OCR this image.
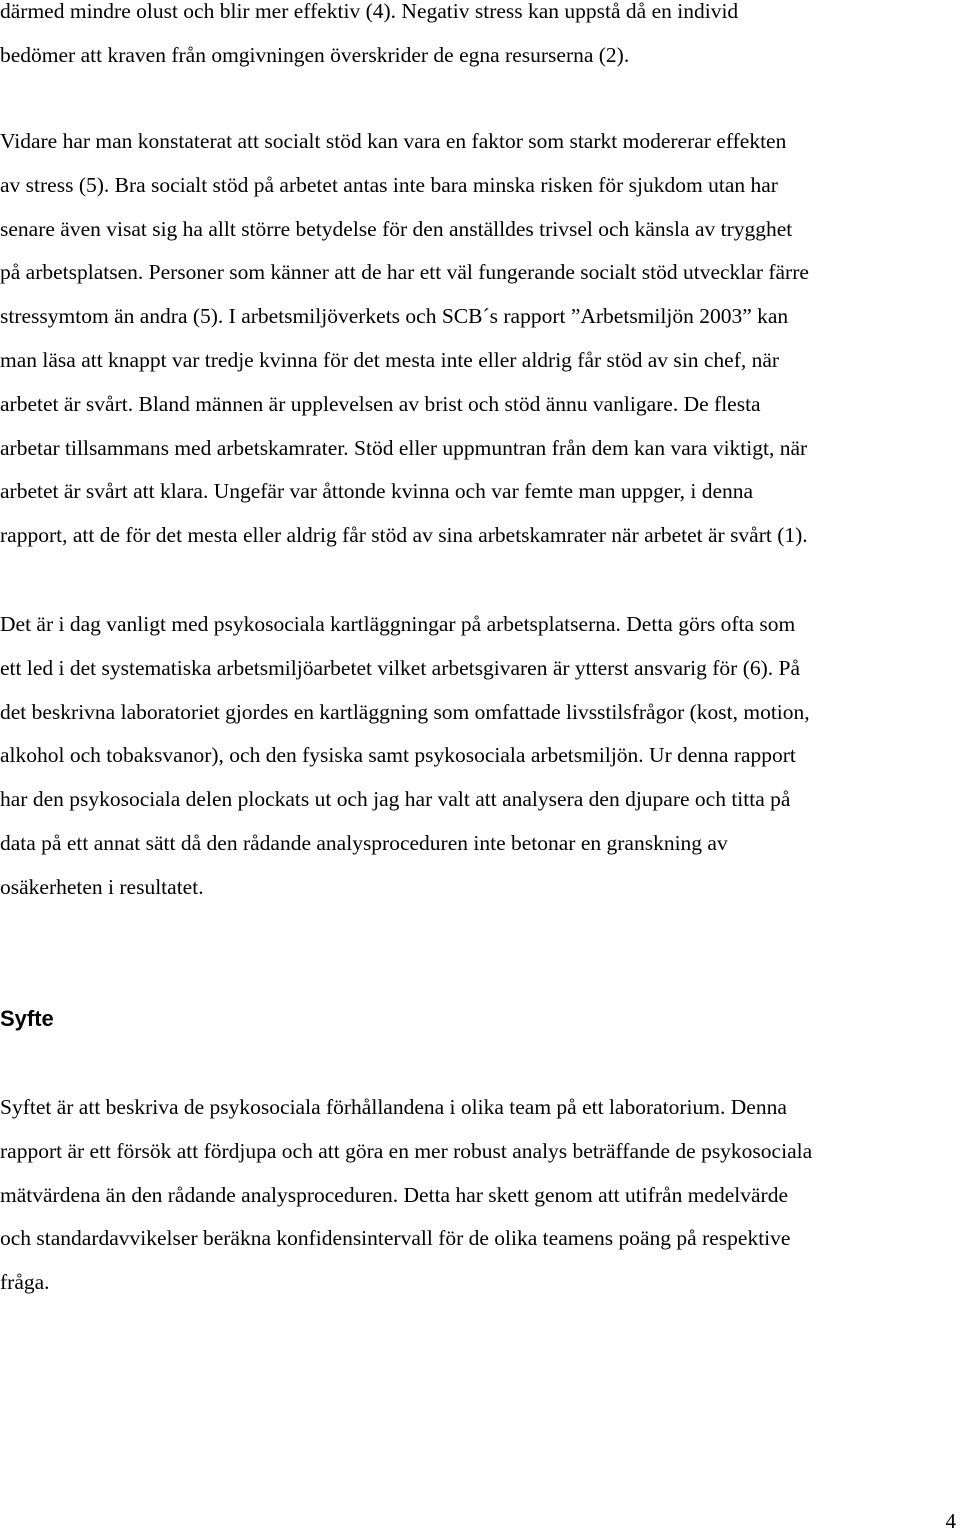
därmed mindre olust och blir mer effektiv (4). Negativ stress kan uppstå då en individ
bedömer att kraven från omgivningen överskrider de egna resurserna (2).

Vidare har man konstaterat att socialt stöd kan vara en faktor som starkt modererar effekten
av stress (5). Bra socialt stöd på arbetet antas inte bara minska risken för sjukdom utan har
senare även visat sig ha allt större betydelse för den anställdes trivsel och känsla av trygghet
på arbetsplatsen. Personer som känner att de har ett väl fungerande socialt stöd utvecklar färre
stressymtom än andra (5). I arbetsmiljöverkets och SCB´s rapport ”Arbetsmiljön 2003” kan
man läsa att knappt var tredje kvinna för det mesta inte eller aldrig får stöd av sin chef, när
arbetet är svårt. Bland männen är upplevelsen av brist och stöd ännu vanligare. De flesta
arbetar tillsammans med arbetskamrater. Stöd eller uppmuntran från dem kan vara viktigt, när
arbetet är svårt att klara. Ungefär var åttonde kvinna och var femte man uppger, i denna
rapport, att de för det mesta eller aldrig får stöd av sina arbetskamrater när arbetet är svårt (1).

Det är i dag vanligt med psykosociala kartläggningar på arbetsplatserna. Detta görs ofta som
ett led i det systematiska arbetsmiljöarbetet vilket arbetsgivaren är ytterst ansvarig för (6). På
det beskrivna laboratoriet gjordes en kartläggning som omfattade livsstilsfrågor (kost, motion,
alkohol och tobaksvanor), och den fysiska samt psykosociala arbetsmiljön. Ur denna rapport
har den psykosociala delen plockats ut och jag har valt att analysera den djupare och titta på
data på ett annat sätt då den rådande analysproceduren inte betonar en granskning av
osäkerheten i resultatet.

Syfte

Syftet är att beskriva de psykosociala förhållandena i olika team på ett laboratorium. Denna
rapport är ett försök att fördjupa och att göra en mer robust analys beträffande de psykosociala
mätvärdena än den rådande analysproceduren. Detta har skett genom att utifrån medelvärde
och standardavvikelser beräkna konfidensintervall för de olika teamens poäng på respektive
fråga.

4
